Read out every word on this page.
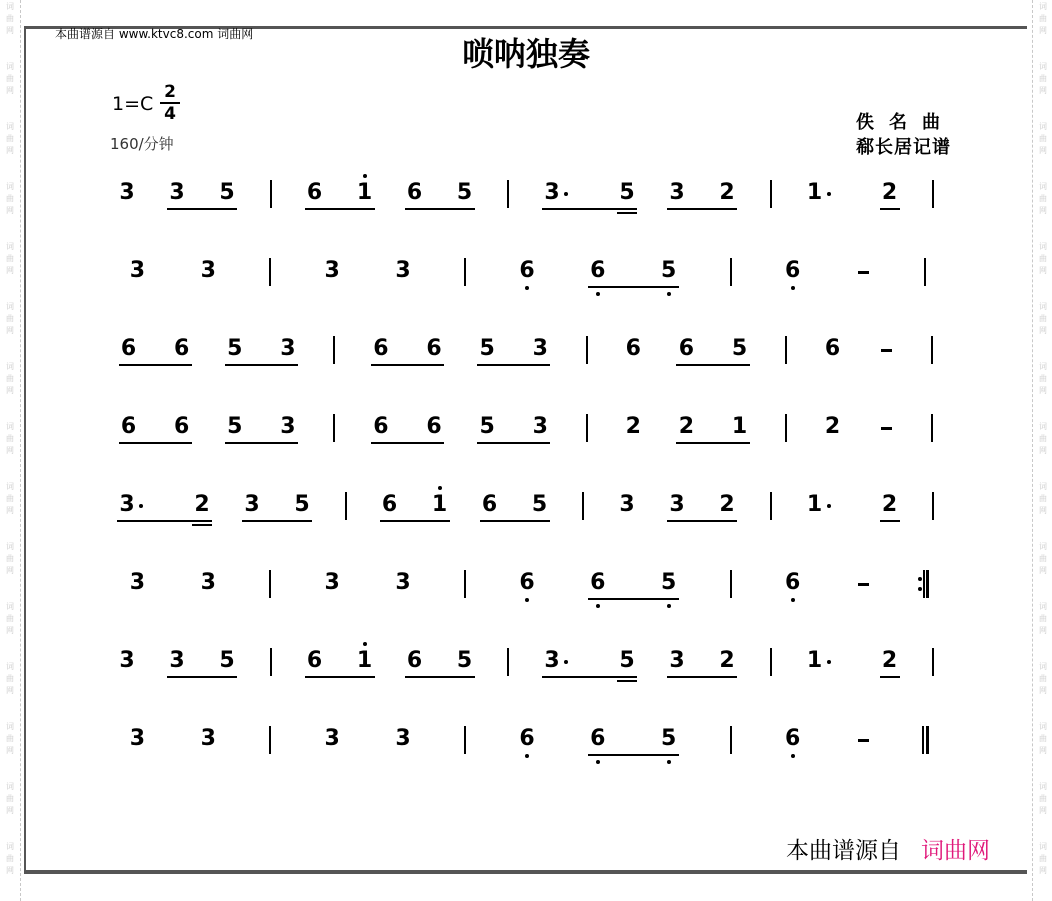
词
曲
网
词
曲
网
词
曲
网
词
曲
网
词
曲
网
词
曲
网
词
曲
网
词
曲
网
词
曲
网
词
曲
网
词
曲
网
词
曲
网
词
曲
网
词
曲
网
词
曲
网
词
曲
网
词
曲
网
词
曲
网
词
曲
网
词
曲
网
词
曲
网
词
曲
网
词
曲
网
词
曲
网
词
曲
网
词
曲
网
词
曲
网
词
曲
网
词
曲
网
词
曲
网
本曲谱源自 www.ktvc8.com 词曲网
唢呐独奏
$1=C \frac{2}{4}$
160/分钟
佚名曲
郗长居记谱
3 3 5	6 1 6 5	3	5 3 2	1	2
3	3	3	3	6	6	5	6
6 6 5 3	6 6 5 3	6 6 5	6
6 6 5 3	6 6 5 3	2 2 1	2
3	2 3 5	6 1 6 5	3 3 2	1	2
3	3	3	3	6	6	5	6
3 3 5	6 1 6 5	3	5 3 2	1	2
3	3	3	3	6	6	5	6
本曲谱源自 词曲网
